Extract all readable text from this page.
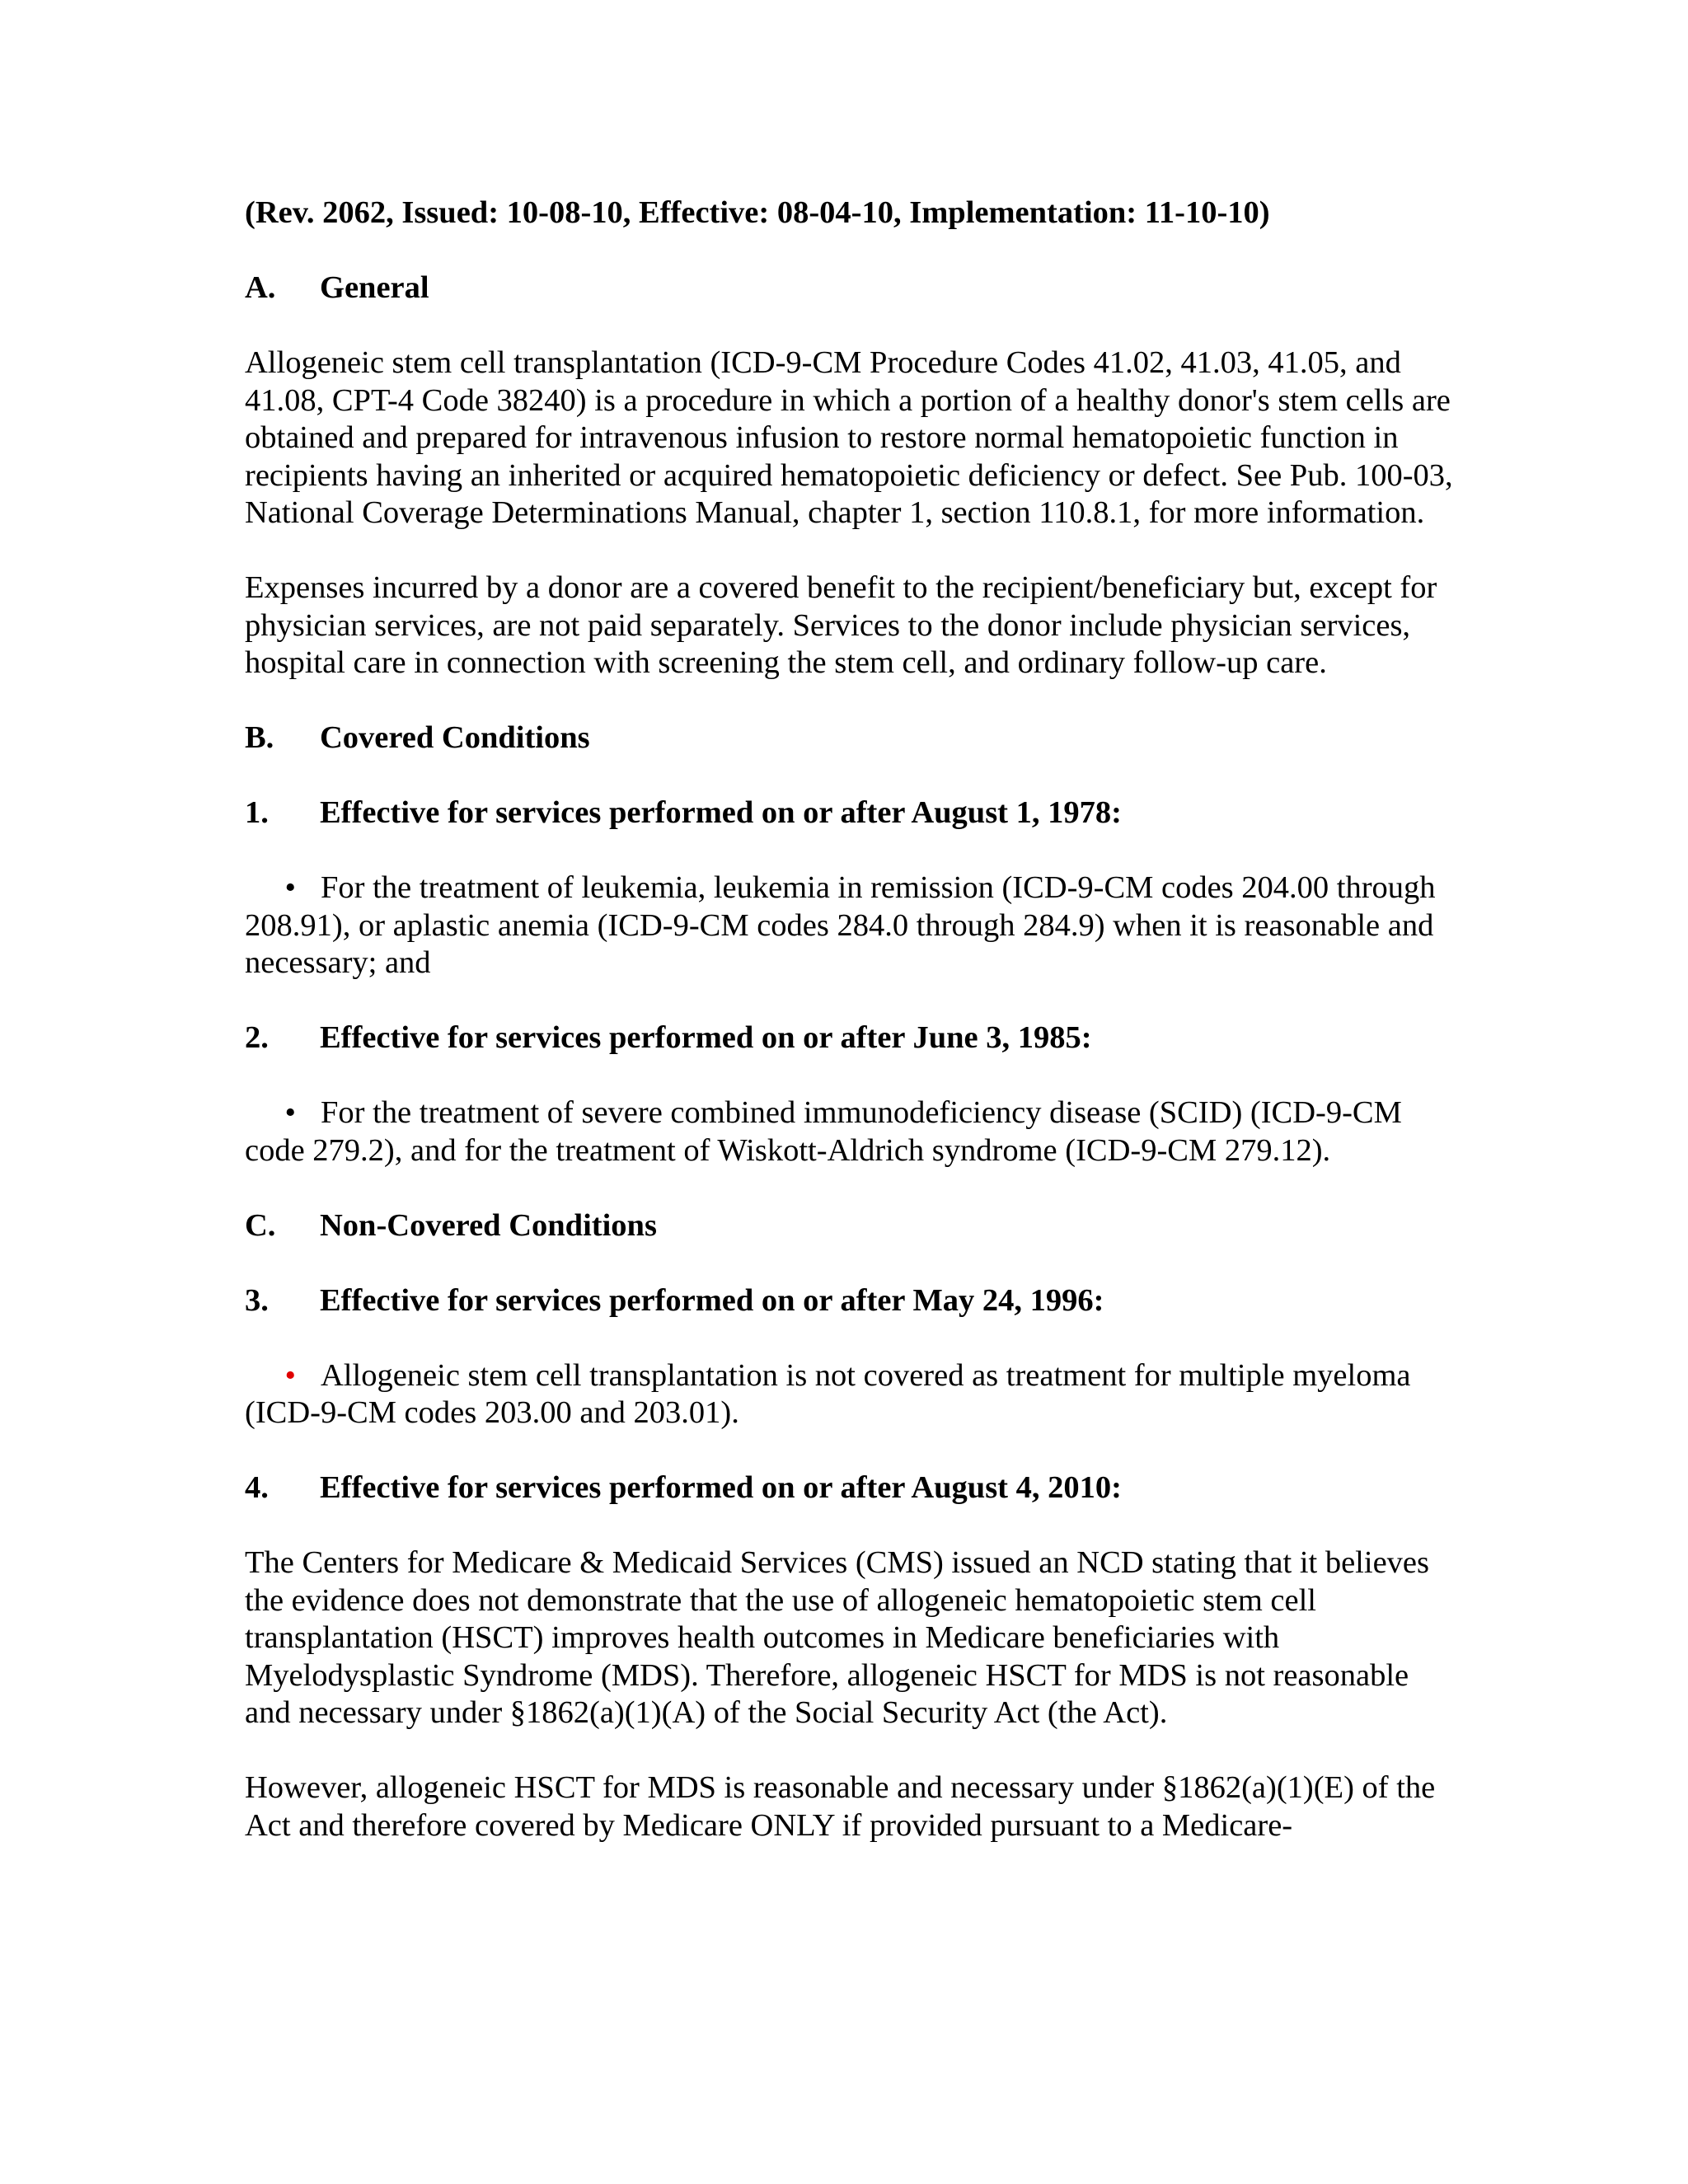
(Rev. 2062, Issued: 10-08-10, Effective: 08-04-10, Implementation: 11-10-10)

A.	General

Allogeneic stem cell transplantation (ICD-9-CM Procedure Codes 41.02, 41.03, 41.05, and 41.08, CPT-4 Code 38240) is a procedure in which a portion of a healthy donor's stem cells are obtained and prepared for intravenous infusion to restore normal hematopoietic function in recipients having an inherited or acquired hematopoietic deficiency or defect. See Pub. 100-03, National Coverage Determinations Manual, chapter 1, section 110.8.1, for more information.

Expenses incurred by a donor are a covered benefit to the recipient/beneficiary but, except for physician services, are not paid separately. Services to the donor include physician services, hospital care in connection with screening the stem cell, and ordinary follow-up care.

B.	Covered Conditions
1.	Effective for services performed on or after August 1, 1978:

• For the treatment of leukemia, leukemia in remission (ICD-9-CM codes 204.00 through 208.91), or aplastic anemia (ICD-9-CM codes 284.0 through 284.9) when it is reasonable and necessary; and

2.	Effective for services performed on or after June 3, 1985:

• For the treatment of severe combined immunodeficiency disease (SCID) (ICD-9-CM code 279.2), and for the treatment of Wiskott-Aldrich syndrome (ICD-9-CM 279.12).

C.	Non-Covered Conditions
3.	Effective for services performed on or after May 24, 1996:

• Allogeneic stem cell transplantation is not covered as treatment for multiple myeloma (ICD-9-CM codes 203.00 and 203.01).

4.	Effective for services performed on or after August 4, 2010:

The Centers for Medicare & Medicaid Services (CMS) issued an NCD stating that it believes the evidence does not demonstrate that the use of allogeneic hematopoietic stem cell transplantation (HSCT) improves health outcomes in Medicare beneficiaries with Myelodysplastic Syndrome (MDS). Therefore, allogeneic HSCT for MDS is not reasonable and necessary under §1862(a)(1)(A) of the Social Security Act (the Act).

However, allogeneic HSCT for MDS is reasonable and necessary under §1862(a)(1)(E) of the Act and therefore covered by Medicare ONLY if provided pursuant to a Medicare-
